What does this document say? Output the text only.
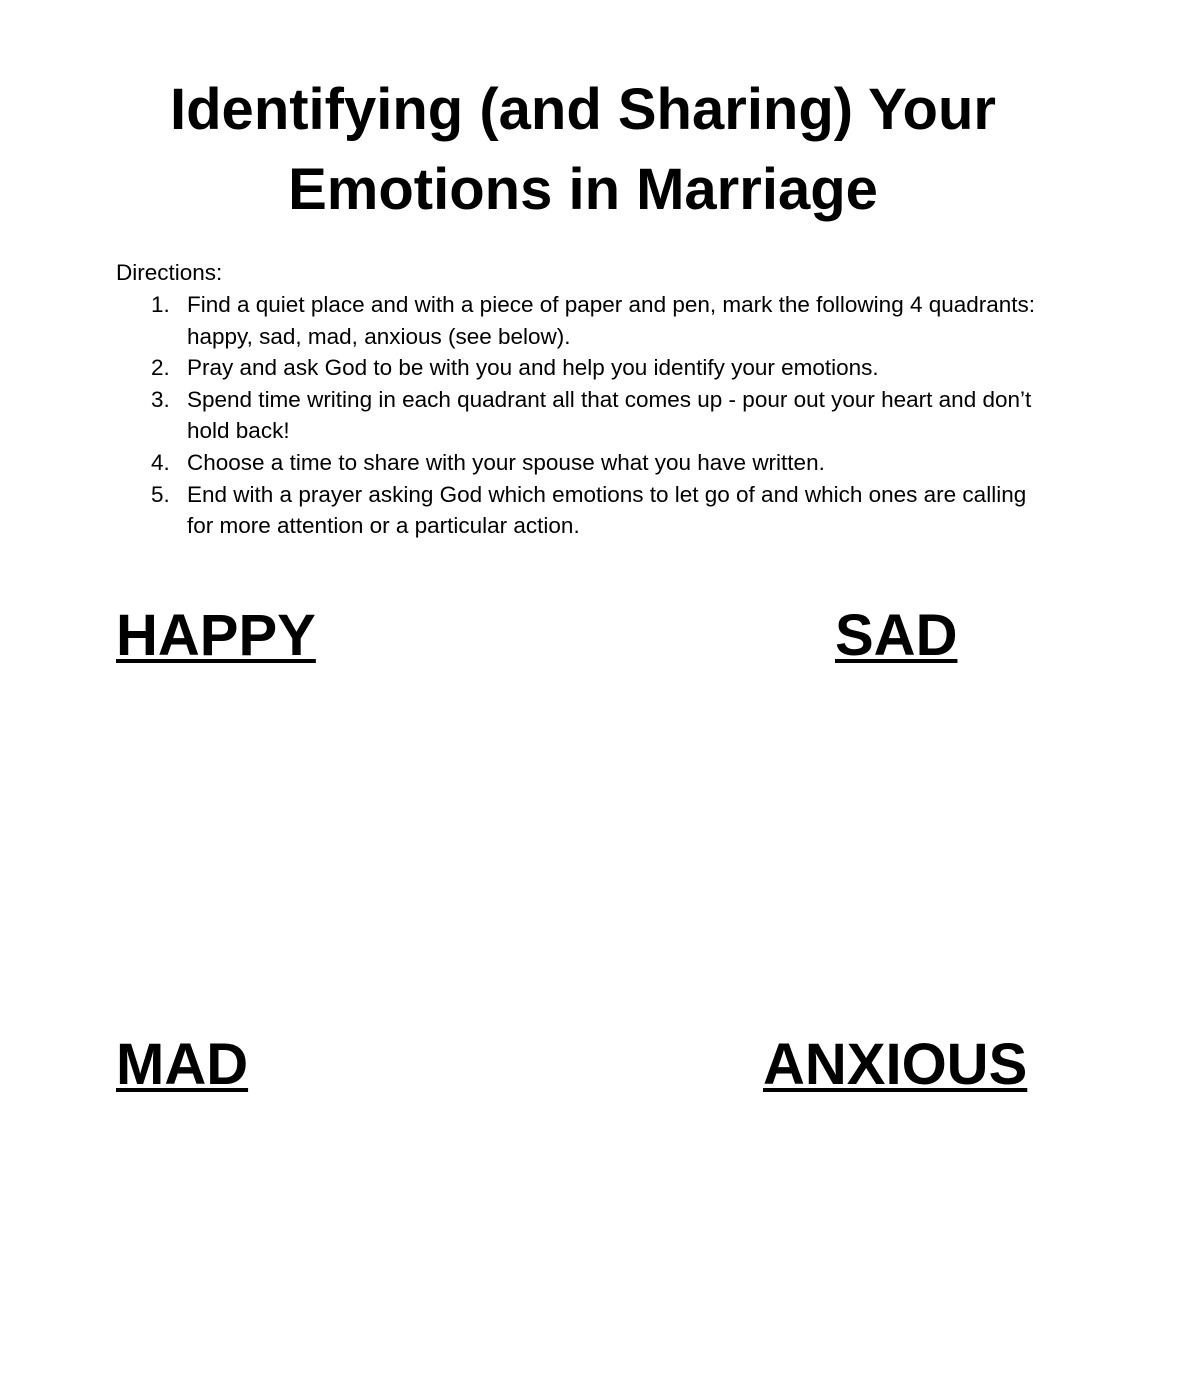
Identifying (and Sharing) Your
Emotions in Marriage

Directions:

1. Find a quiet place and with a piece of paper and pen, mark the following 4 quadrants: happy, sad, mad, anxious (see below).
2. Pray and ask God to be with you and help you identify your emotions.
3. Spend time writing in each quadrant all that comes up - pour out your heart and don’t hold back!
4. Choose a time to share with your spouse what you have written.
5. End with a prayer asking God which emotions to let go of and which ones are calling for more attention or a particular action.
HAPPY	SAD
MAD	ANXIOUS
